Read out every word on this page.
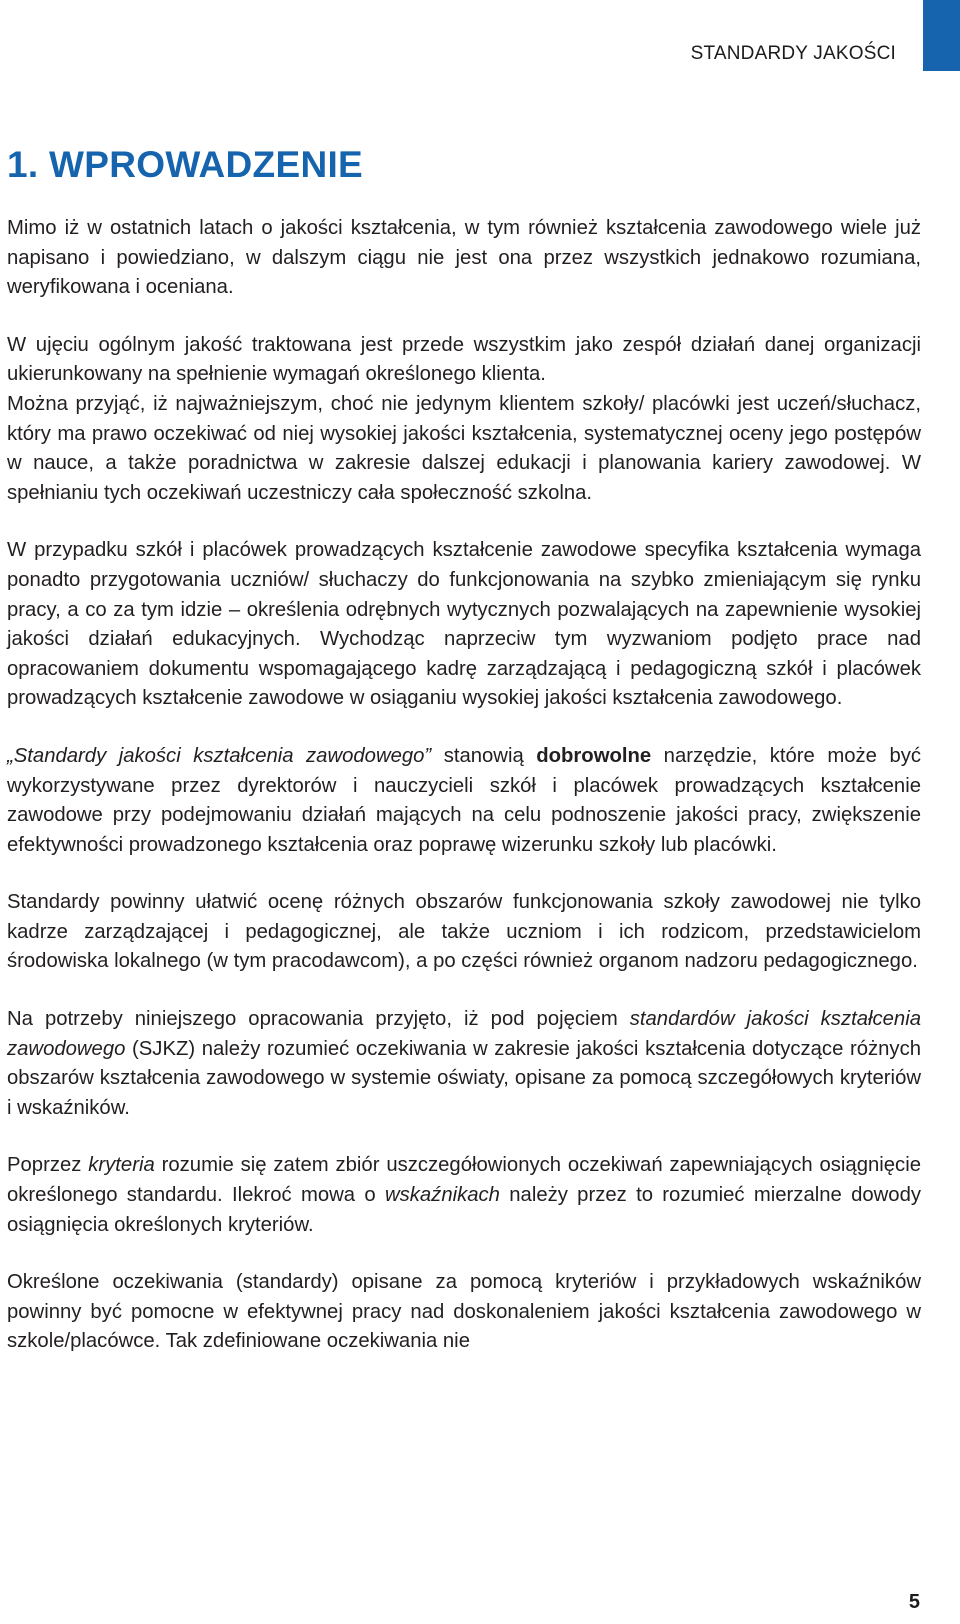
STANDARDY JAKOŚCI
1. WPROWADZENIE

Mimo iż w ostatnich latach o jakości kształcenia, w tym również kształcenia zawodowego wiele już napisano i powiedziano, w dalszym ciągu nie jest ona przez wszystkich jednakowo rozumiana, weryfikowana i oceniana.

W ujęciu ogólnym jakość traktowana jest przede wszystkim jako zespół działań danej organizacji ukierunkowany na spełnienie wymagań określonego klienta.

Można przyjąć, iż najważniejszym, choć nie jedynym klientem szkoły/ placówki jest uczeń/słuchacz, który ma prawo oczekiwać od niej wysokiej jakości kształcenia, systematycznej oceny jego postępów w nauce, a także poradnictwa w zakresie dalszej edukacji i planowania kariery zawodowej. W spełnianiu tych oczekiwań uczestniczy cała społeczność szkolna.

W przypadku szkół i placówek prowadzących kształcenie zawodowe specyfika kształcenia wymaga ponadto przygotowania uczniów/ słuchaczy do funkcjonowania na szybko zmieniającym się rynku pracy, a co za tym idzie – określenia odrębnych wytycznych pozwalających na zapewnienie wysokiej jakości działań edukacyjnych. Wychodząc naprzeciw tym wyzwaniom podjęto prace nad opracowaniem dokumentu wspomagającego kadrę zarządzającą i pedagogiczną szkół i placówek prowadzących kształcenie zawodowe w osiąganiu wysokiej jakości kształcenia zawodowego.

„Standardy jakości kształcenia zawodowego” stanowią dobrowolne narzędzie, które może być wykorzystywane przez dyrektorów i nauczycieli szkół i placówek prowadzących kształcenie zawodowe przy podejmowaniu działań mających na celu podnoszenie jakości pracy, zwiększenie efektywności prowadzonego kształcenia oraz poprawę wizerunku szkoły lub placówki.

Standardy powinny ułatwić ocenę różnych obszarów funkcjonowania szkoły zawodowej nie tylko kadrze zarządzającej i pedagogicznej, ale także uczniom i ich rodzicom, przedstawicielom środowiska lokalnego (w tym pracodawcom), a po części również organom nadzoru pedagogicznego.

Na potrzeby niniejszego opracowania przyjęto, iż pod pojęciem standardów jakości kształcenia zawodowego (SJKZ) należy rozumieć oczekiwania w zakresie jakości kształcenia dotyczące różnych obszarów kształcenia zawodowego w systemie oświaty, opisane za pomocą szczegółowych kryteriów i wskaźników.

Poprzez kryteria rozumie się zatem zbiór uszczegółowionych oczekiwań zapewniających osiągnięcie określonego standardu. Ilekroć mowa o wskaźnikach należy przez to rozumieć mierzalne dowody osiągnięcia określonych kryteriów.

Określone oczekiwania (standardy) opisane za pomocą kryteriów i przykładowych wskaźników powinny być pomocne w efektywnej pracy nad doskonaleniem jakości kształcenia zawodowego w szkole/placówce. Tak zdefiniowane oczekiwania nie

5
